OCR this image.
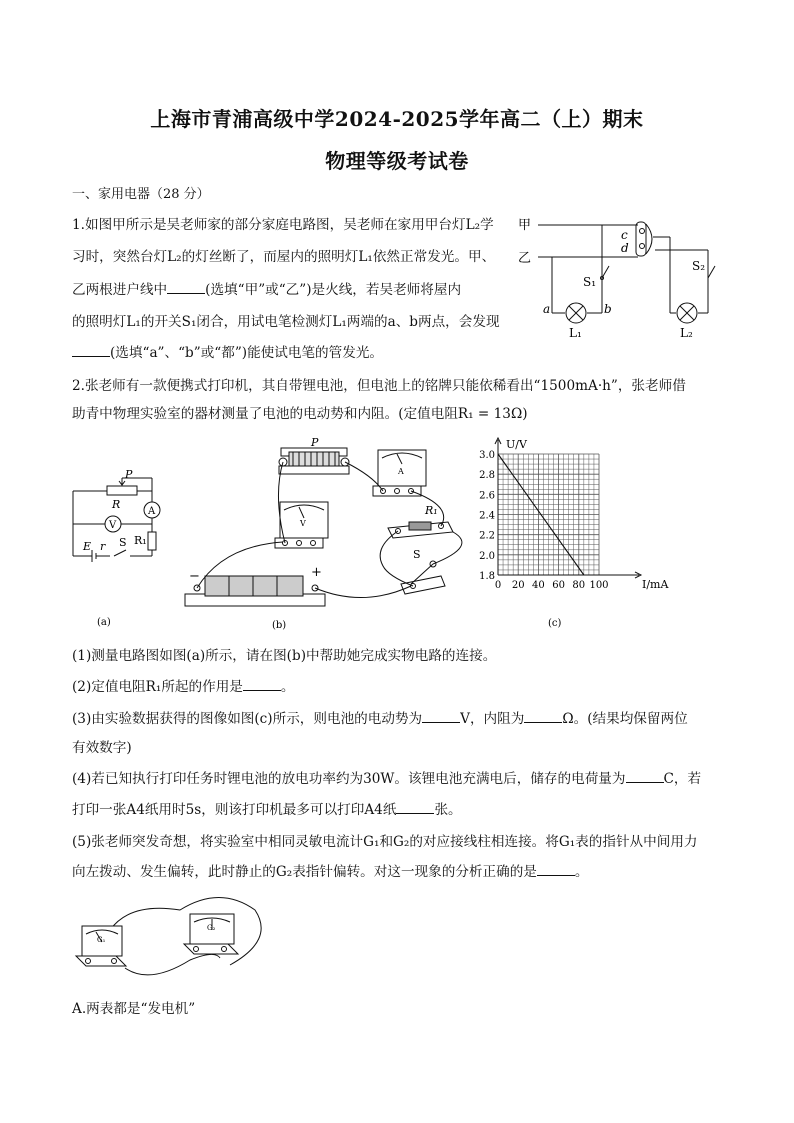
上海市青浦高级中学2024-2025学年高二（上）期末
物理等级考试卷
一、家用电器（28 分）
1.如图甲所示是吴老师家的部分家庭电路图，吴老师在家用甲台灯L₂学
习时，突然台灯L₂的灯丝断了，而屋内的照明灯L₁依然正常发光。甲、
乙两根进户线中	(选填“甲”或“乙”)是火线，若吴老师将屋内
的照明灯L₁的开关S₁闭合，用试电笔检测灯L₁两端的a、b两点，会发现
(选填“a”、“b”或“都”)能使试电笔的管发光。
甲
乙
c
d
S₁
S₂
a	b
L₁	L₂
2.张老师有一款便携式打印机，其自带锂电池，但电池上的铭牌只能依稀看出“1500mA·h”，张老师借
助青中物理实验室的器材测量了电池的电动势和内阻。(定值电阻R₁ = 13Ω)
A
V
P
R
E r S R₁
(a)
P
A
V
R₁
S
−	+
(b)
0 20 40 60 80 100
1.8
2.0
2.2
2.4
2.6
2.8
3.0
U/V
I/mA
(c)
(1)测量电路图如图(a)所示，请在图(b)中帮助她完成实物电路的连接。
(2)定值电阻R₁所起的作用是	。
(3)由实验数据获得的图像如图(c)所示，则电池的电动势为	V，内阻为	Ω。(结果均保留两位
有效数字)
(4)若已知执行打印任务时锂电池的放电功率约为30W。该锂电池充满电后，储存的电荷量为	C，若
打印一张A4纸用时5s，则该打印机最多可以打印A4纸	张。
(5)张老师突发奇想，将实验室中相同灵敏电流计G₁和G₂的对应接线柱相连接。将G₁表的指针从中间用力
向左拨动、发生偏转，此时静止的G₂表指针偏转。对这一现象的分析正确的是	。
G₁
G₂
A.两表都是“发电机”
